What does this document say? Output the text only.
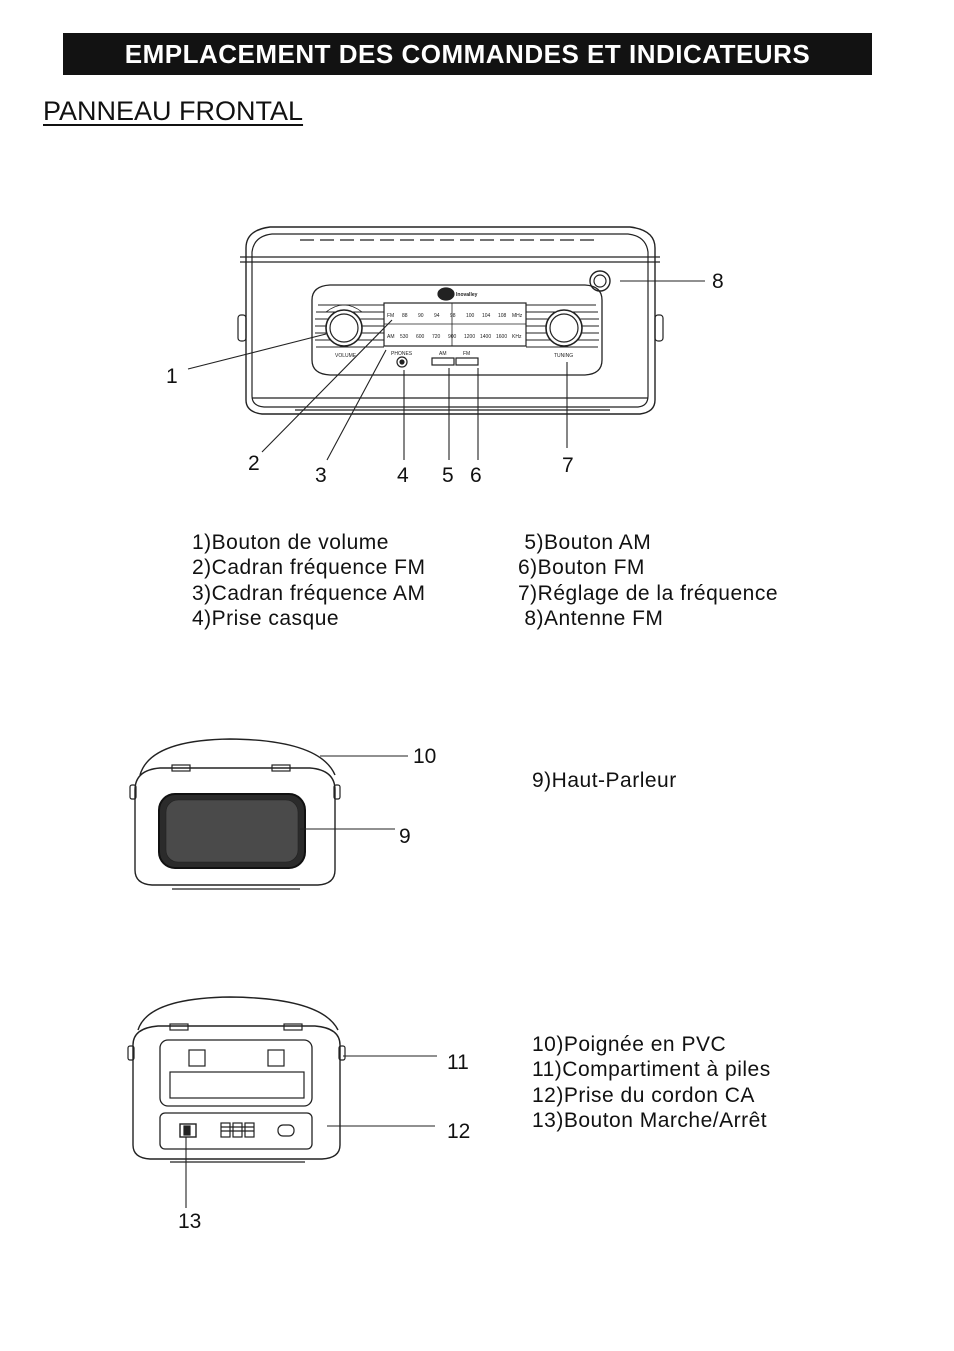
EMPLACEMENT DES COMMANDES ET INDICATEURS
PANNEAU FRONTAL
VOLUME	TUNING
PHONES	AM	FM
Inovalley
FM
AM
MHz
KHz
88 90 94 98 100 104 108
530 600 720 900 1200 1400 1600
1
2
3	4 5 6	7
8
10
9
11
12
13
1)Bouton de volume
2)Cadran fréquence FM
3)Cadran fréquence AM
4)Prise casque
5)Bouton AM
6)Bouton FM
7)Réglage de la fréquence
8)Antenne FM
9)Haut-Parleur
10)Poignée en PVC
11)Compartiment à piles
12)Prise du cordon CA
13)Bouton Marche/Arrêt
